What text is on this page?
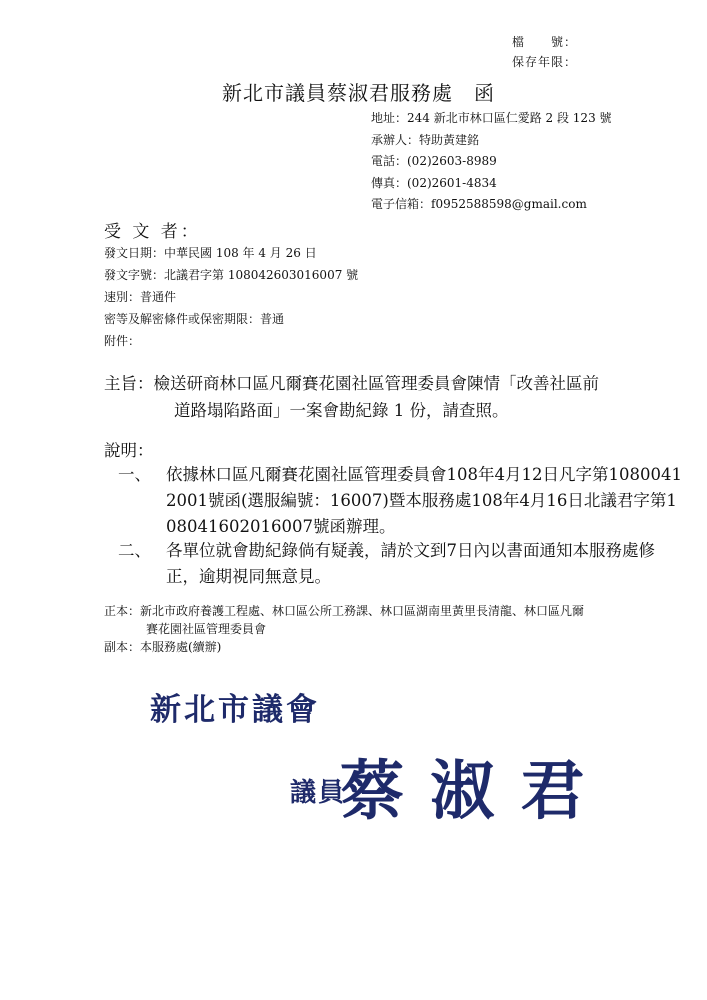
檔　　號：
保存年限：
新北市議員蔡淑君服務處　函
地址：244 新北市林口區仁愛路 2 段 123 號
承辦人：特助黃建銘
電話：(02)2603-8989
傳真：(02)2601-4834
電子信箱：f0952588598@gmail.com
受 文 者：
發文日期：中華民國 108 年 4 月 26 日
發文字號：北議君字第 108042603016007 號
速別：普通件
密等及解密條件或保密期限：普通
附件：
主旨：檢送研商林口區凡爾賽花園社區管理委員會陳情「改善社區前
道路塌陷路面」一案會勘紀錄 1 份，請查照。
說明：
一、 依據林口區凡爾賽花園社區管理委員會108年4月12日凡字第10800412001號函(選服編號：16007)暨本服務處108年4月16日北議君字第108041602016007號函辦理。
二、 各單位就會勘紀錄倘有疑義，請於文到7日內以書面通知本服務處修正，逾期視同無意見。
正本：新北市政府養護工程處、林口區公所工務課、林口區湖南里黃里長清龍、林口區凡爾
賽花園社區管理委員會
副本：本服務處(續辦)
新北市議會
議員
蔡 淑 君
